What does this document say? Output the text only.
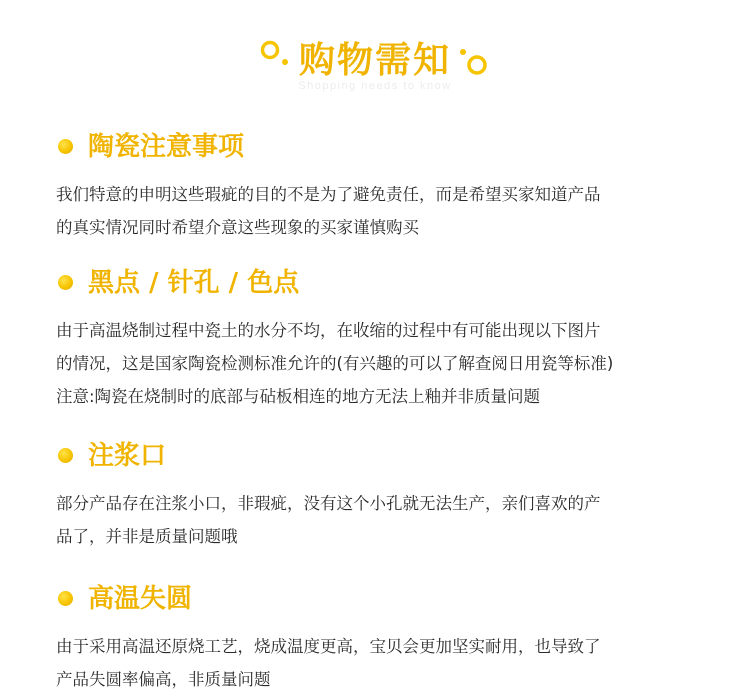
购物需知
Shopping needs to know
陶瓷注意事项

我们特意的申明这些瑕疵的目的不是为了避免责任，而是希望买家知道产品

的真实情况同时希望介意这些现象的买家谨慎购买

黑点 / 针孔 / 色点

由于高温烧制过程中瓷土的水分不均，在收缩的过程中有可能出现以下图片

的情况，这是国家陶瓷检测标准允许的(有兴趣的可以了解查阅日用瓷等标准)

注意:陶瓷在烧制时的底部与砧板相连的地方无法上釉并非质量问题

注浆口

部分产品存在注浆小口，非瑕疵，没有这个小孔就无法生产，亲们喜欢的产

品了，并非是质量问题哦

高温失圆

由于采用高温还原烧工艺，烧成温度更高，宝贝会更加坚实耐用，也导致了

产品失圆率偏高，非质量问题
